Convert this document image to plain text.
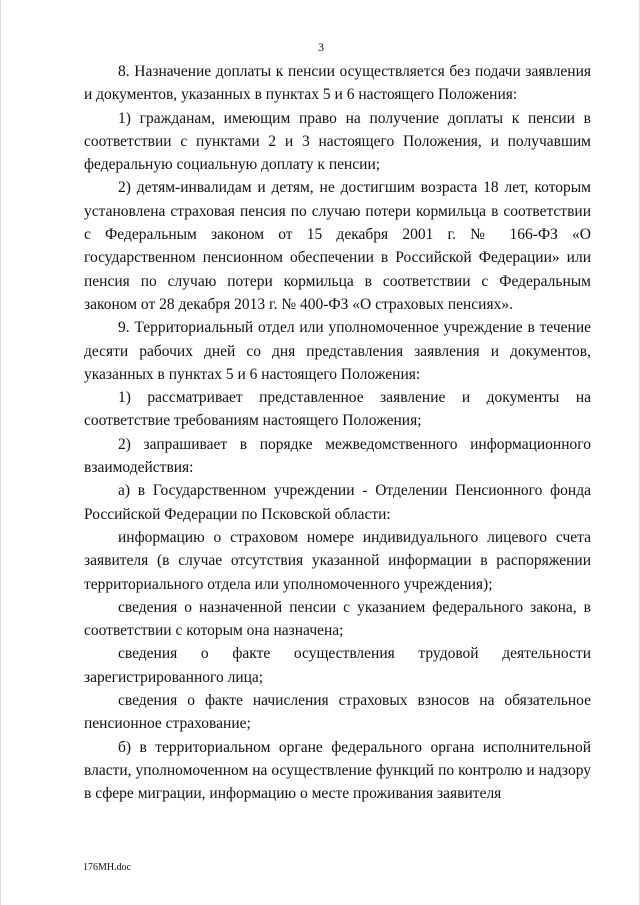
3

8. Назначение доплаты к пенсии осуществляется без подачи заявления и документов, указанных в пунктах 5 и 6 настоящего Положения:

1) гражданам, имеющим право на получение доплаты к пенсии в соответствии с пунктами 2 и 3 настоящего Положения, и получавшим федеральную социальную доплату к пенсии;

2) детям-инвалидам и детям, не достигшим возраста 18 лет, которым установлена страховая пенсия по случаю потери кормильца в соответствии с Федеральным законом от 15 декабря 2001 г. № 166-ФЗ «О государственном пенсионном обеспечении в Российской Федерации» или пенсия по случаю потери кормильца в соответствии с Федеральным законом от 28 декабря 2013 г. № 400-ФЗ «О страховых пенсиях».

9. Территориальный отдел или уполномоченное учреждение в течение десяти рабочих дней со дня представления заявления и документов, указанных в пунктах 5 и 6 настоящего Положения:

1) рассматривает представленное заявление и документы на соответствие требованиям настоящего Положения;

2) запрашивает в порядке межведомственного информационного взаимодействия:

а) в Государственном учреждении - Отделении Пенсионного фонда Российской Федерации по Псковской области:

информацию о страховом номере индивидуального лицевого счета заявителя (в случае отсутствия указанной информации в распоряжении территориального отдела или уполномоченного учреждения);

сведения о назначенной пенсии с указанием федерального закона, в соответствии с которым она назначена;

сведения о факте осуществления трудовой деятельности зарегистрированного лица;

сведения о факте начисления страховых взносов на обязательное пенсионное страхование;

б) в территориальном органе федерального органа исполнительной власти, уполномоченном на осуществление функций по контролю и надзору в сфере миграции, информацию о месте проживания заявителя

176МН.doc
